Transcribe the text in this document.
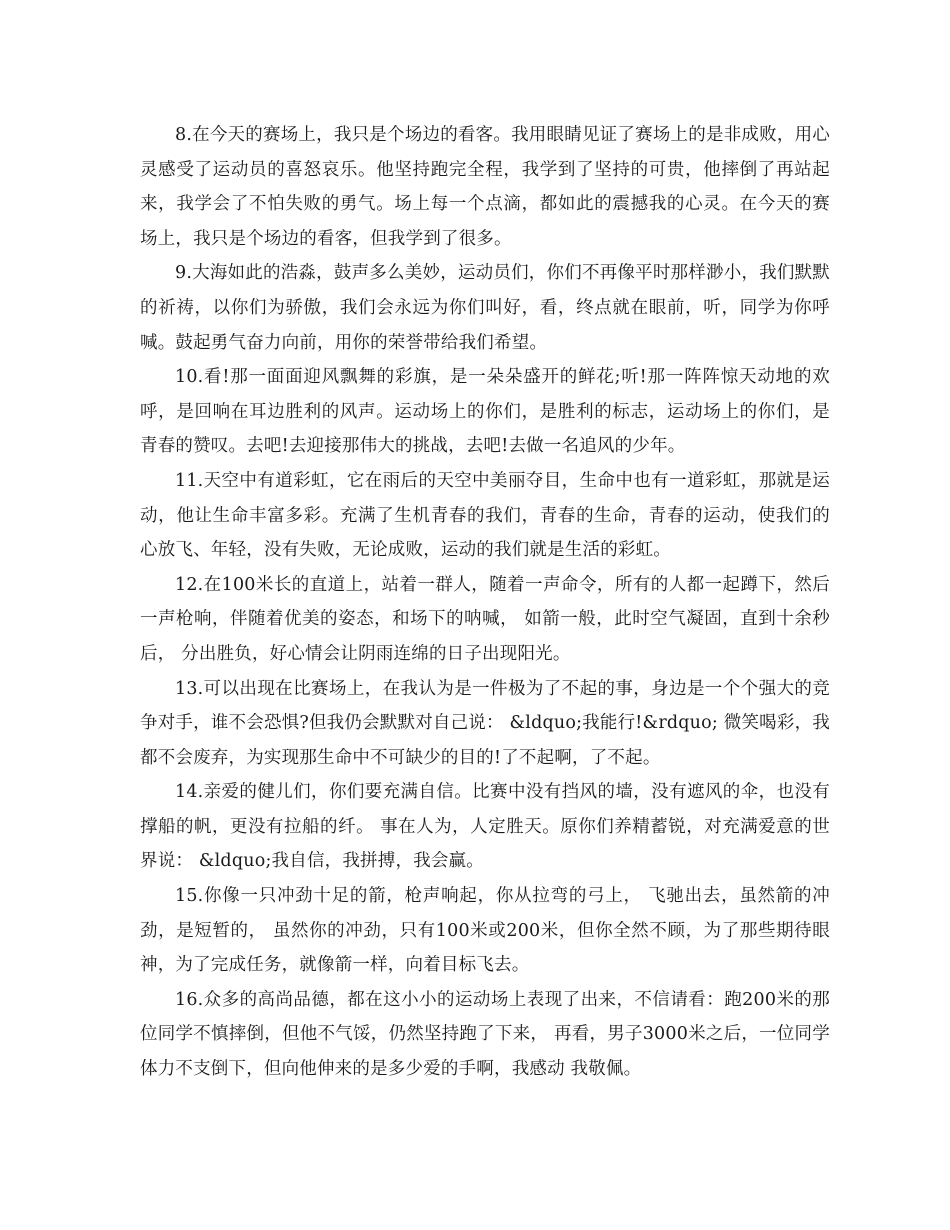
8.在今天的赛场上，我只是个场边的看客。我用眼睛见证了赛场上的是非成败，用心灵感受了运动员的喜怒哀乐。他坚持跑完全程，我学到了坚持的可贵，他摔倒了再站起来，我学会了不怕失败的勇气。场上每一个点滴，都如此的震撼我的心灵。在今天的赛场上，我只是个场边的看客，但我学到了很多。

9.大海如此的浩淼，鼓声多么美妙，运动员们，你们不再像平时那样渺小，我们默默的祈祷，以你们为骄傲，我们会永远为你们叫好，看，终点就在眼前，听，同学为你呼喊。鼓起勇气奋力向前，用你的荣誉带给我们希望。

10.看!那一面面迎风飘舞的彩旗，是一朵朵盛开的鲜花;听!那一阵阵惊天动地的欢呼，是回响在耳边胜利的风声。运动场上的你们，是胜利的标志，运动场上的你们，是青春的赞叹。去吧!去迎接那伟大的挑战，去吧!去做一名追风的少年。

11.天空中有道彩虹，它在雨后的天空中美丽夺目，生命中也有一道彩虹，那就是运动，他让生命丰富多彩。充满了生机青春的我们，青春的生命，青春的运动，使我们的心放飞、年轻，没有失败，无论成败，运动的我们就是生活的彩虹。

12.在100米长的直道上，站着一群人，随着一声命令，所有的人都一起蹲下，然后一声枪响，伴随着优美的姿态，和场下的呐喊， 如箭一般，此时空气凝固，直到十余秒后， 分出胜负，好心情会让阴雨连绵的日子出现阳光。

13.可以出现在比赛场上，在我认为是一件极为了不起的事，身边是一个个强大的竞争对手，谁不会恐惧?但我仍会默默对自己说： &ldquo;我能行!&rdquo; 微笑喝彩，我都不会废弃，为实现那生命中不可缺少的目的!了不起啊，了不起。

14.亲爱的健儿们，你们要充满自信。比赛中没有挡风的墙，没有遮风的伞，也没有撑船的帆，更没有拉船的纤。 事在人为，人定胜天。原你们养精蓄锐，对充满爱意的世界说： &ldquo;我自信，我拼搏，我会赢。

15.你像一只冲劲十足的箭，枪声响起，你从拉弯的弓上， 飞驰出去，虽然箭的冲劲，是短暂的， 虽然你的冲劲，只有100米或200米，但你全然不顾，为了那些期待眼神，为了完成任务，就像箭一样，向着目标飞去。

16.众多的高尚品德，都在这小小的运动场上表现了出来，不信请看：跑200米的那位同学不慎摔倒，但他不气馁，仍然坚持跑了下来， 再看，男子3000米之后，一位同学体力不支倒下，但向他伸来的是多少爱的手啊，我感动 我敬佩。
